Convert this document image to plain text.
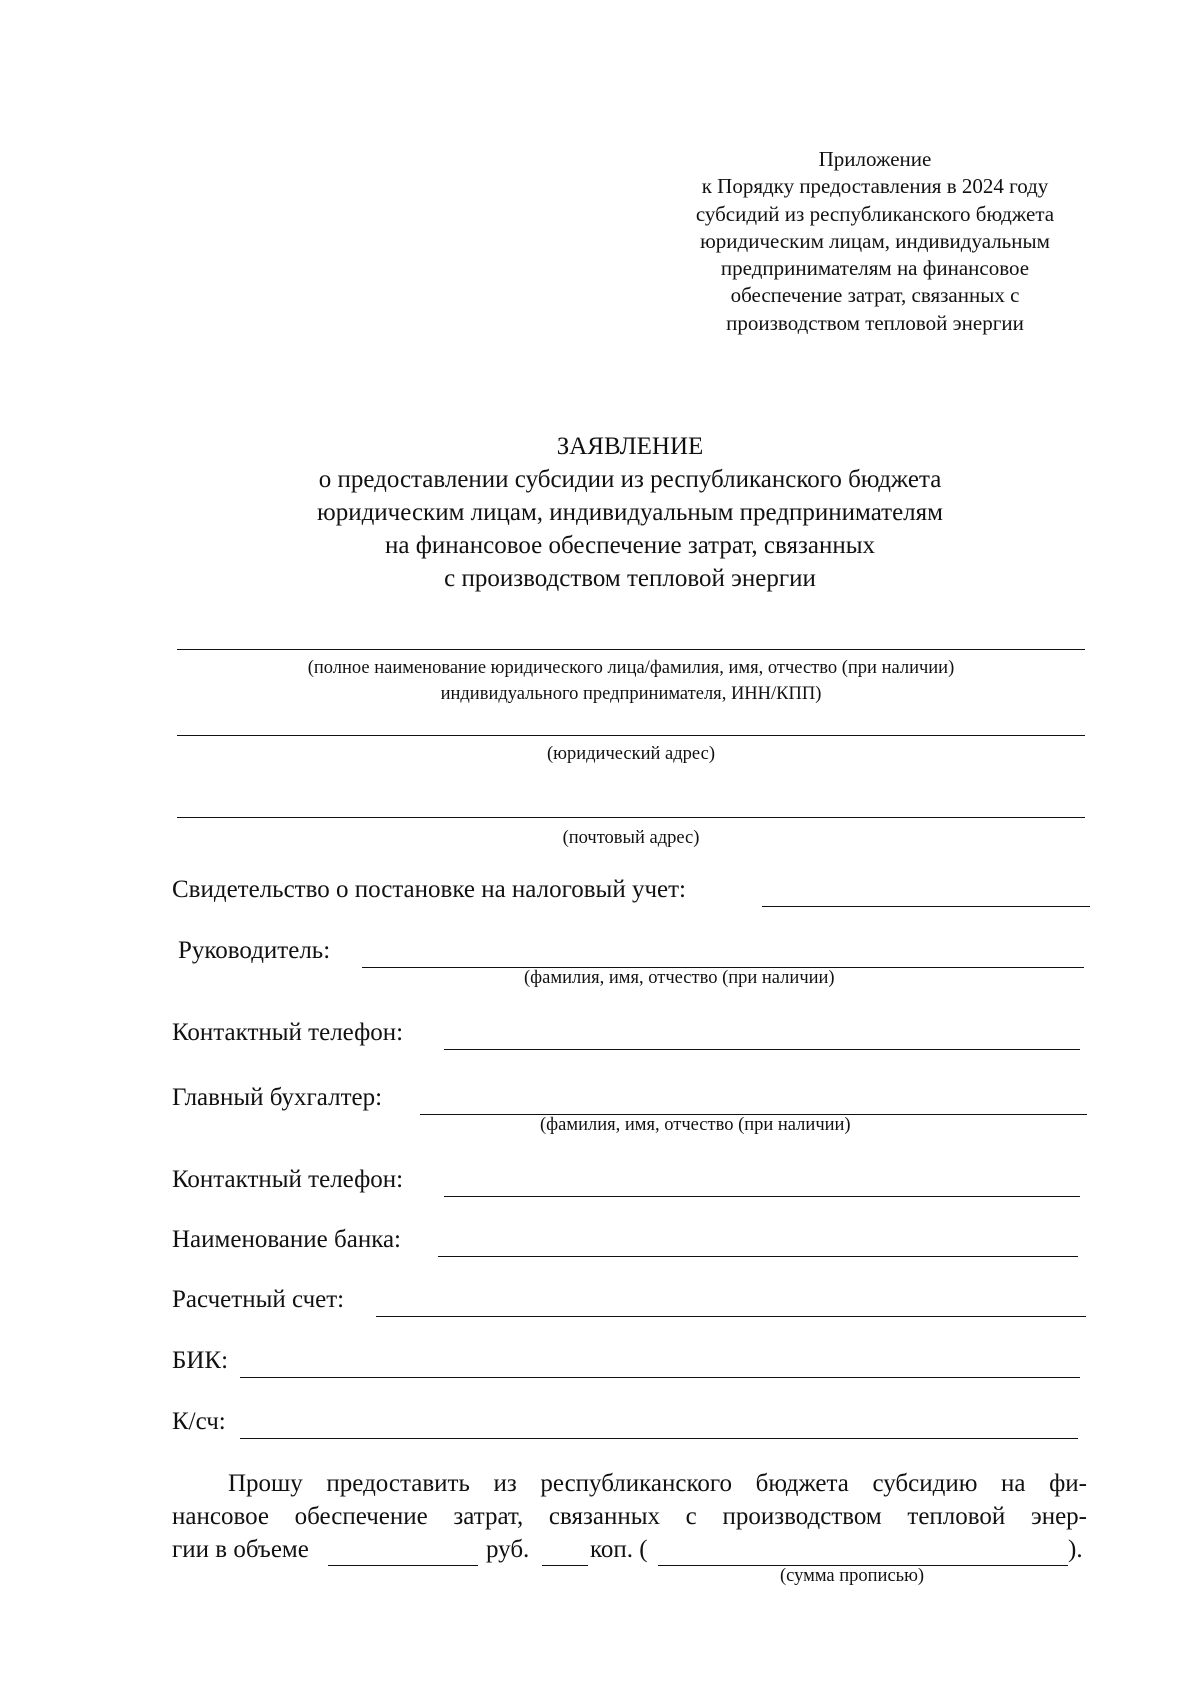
Приложение
к Порядку предоставления в 2024 году
субсидий из республиканского бюджета
юридическим лицам, индивидуальным
предпринимателям на финансовое
обеспечение затрат, связанных с
производством тепловой энергии
ЗАЯВЛЕНИЕ
о предоставлении субсидии из республиканского бюджета
юридическим лицам, индивидуальным предпринимателям
на финансовое обеспечение затрат, связанных
с производством тепловой энергии
(полное наименование юридического лица/фамилия, имя, отчество (при наличии)
индивидуального предпринимателя, ИНН/КПП)
(юридический адрес)
(почтовый адрес)
Свидетельство о постановке на налоговый учет:
Руководитель:
(фамилия, имя, отчество (при наличии)
Контактный телефон:
Главный бухгалтер:
(фамилия, имя, отчество (при наличии)
Контактный телефон:
Наименование банка:
Расчетный счет:
БИК:
К/сч:
Прошу предоставить из республиканского бюджета субсидию на фи-
нансовое обеспечение затрат, связанных с производством тепловой энер-
гии в объеме	руб. коп. (	).
(сумма прописью)
